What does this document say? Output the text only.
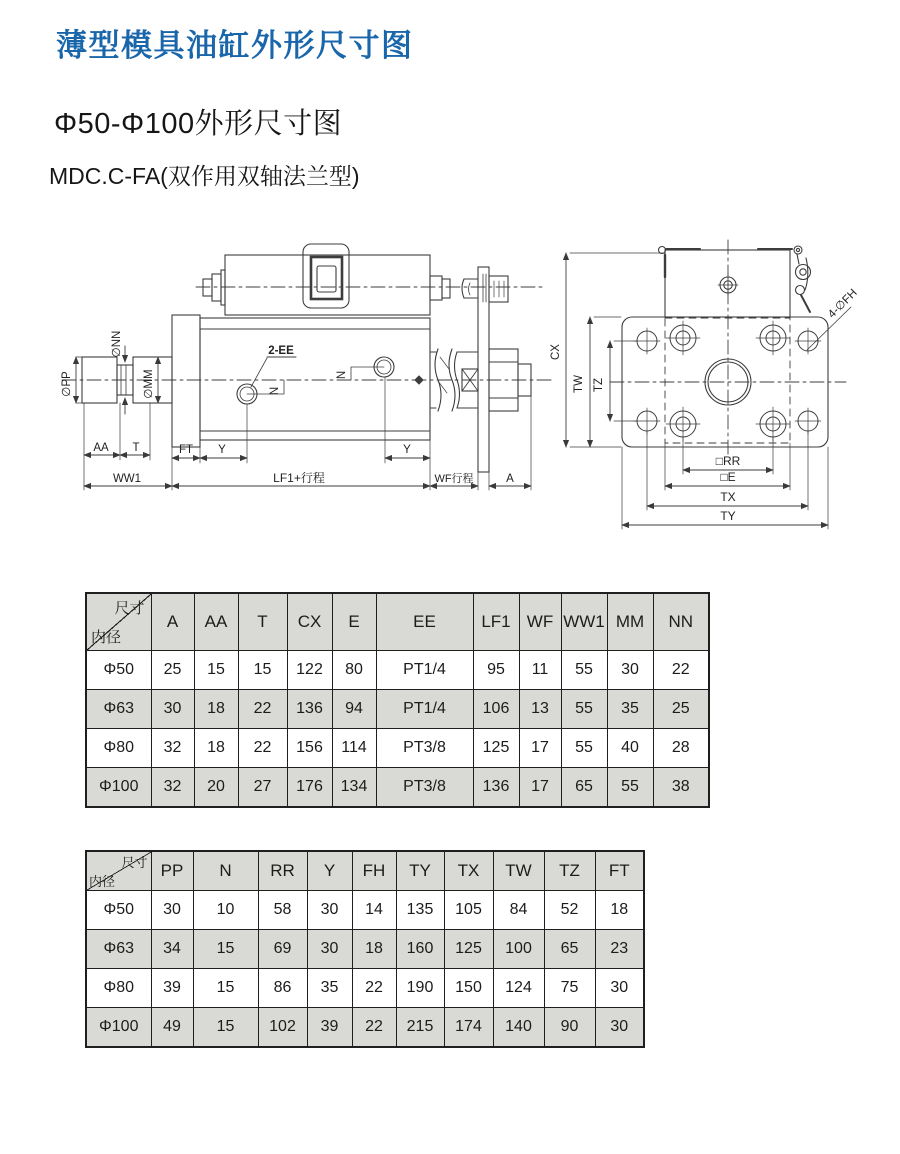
薄型模具油缸外形尺寸图
Φ50-Φ100外形尺寸图
MDC.C-FA(双作用双轴法兰型)
∅PP
∅NN
∅MM
AA T
WW1
FT Y	Y
LF1+行程	WF行程	A
2-EE
N
N
CX
TW TZ
□RR
□E
TX
TY
4-∅FH
尺寸
内径	A	AA	T	CX	E	EE	LF1	WF	WW1	MM	NN
Φ50	25	15	15	122	80	PT1/4	95	11	55	30	22
Φ63	30	18	22	136	94	PT1/4	106	13	55	35	25
Φ80	32	18	22	156	114	PT3/8	125	17	55	40	28
Φ100	32	20	27	176	134	PT3/8	136	17	65	55	38
尺寸
内径	PP	N	RR	Y	FH	TY	TX	TW	TZ	FT
Φ50	30	10	58	30	14	135	105	84	52	18
Φ63	34	15	69	30	18	160	125	100	65	23
Φ80	39	15	86	35	22	190	150	124	75	30
Φ100	49	15	102	39	22	215	174	140	90	30
